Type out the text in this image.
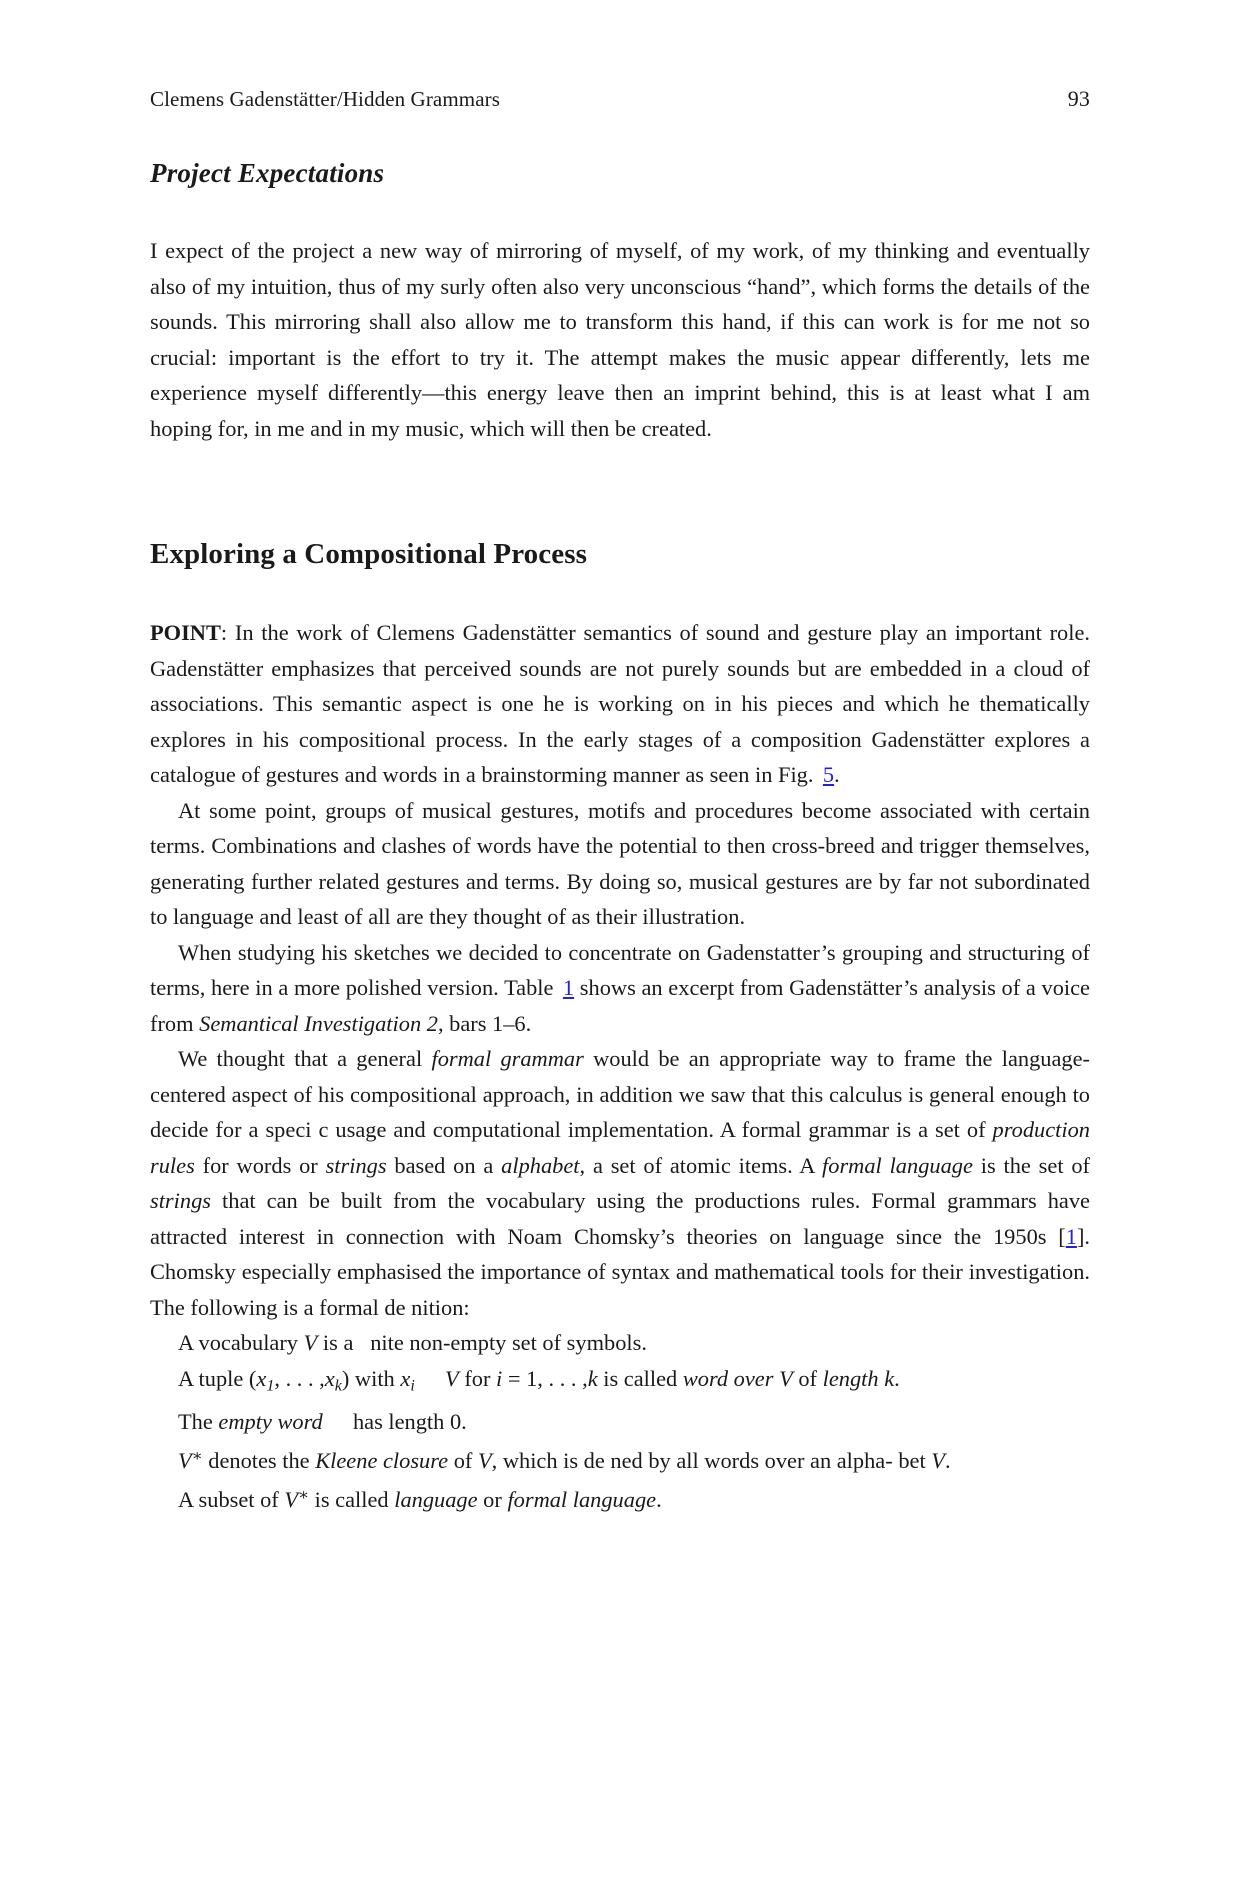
Clemens Gadenstätter/Hidden Grammars	93
Project Expectations

I expect of the project a new way of mirroring of myself, of my work, of my thinking and eventually also of my intuition, thus of my surly often also very unconscious “hand”, which forms the details of the sounds. This mirroring shall also allow me to transform this hand, if this can work is for me not so crucial: important is the effort to try it. The attempt makes the music appear differently, lets me experience myself differently—this energy leave then an imprint behind, this is at least what I am hoping for, in me and in my music, which will then be created.

Exploring a Compositional Process

POINT: In the work of Clemens Gadenstätter semantics of sound and gesture play an important role. Gadenstätter emphasizes that perceived sounds are not purely sounds but are embedded in a cloud of associations. This semantic aspect is one he is working on in his pieces and which he thematically explores in his compositional process. In the early stages of a composition Gadenstätter explores a catalogue of gestures and words in a brainstorming manner as seen in Fig. 5.

At some point, groups of musical gestures, motifs and procedures become associated with certain terms. Combinations and clashes of words have the potential to then cross-breed and trigger themselves, generating further related gestures and terms. By doing so, musical gestures are by far not subordinated to language and least of all are they thought of as their illustration.

When studying his sketches we decided to concentrate on Gadenstatter’s grouping and structuring of terms, here in a more polished version. Table 1 shows an excerpt from Gadenstätter’s analysis of a voice from Semantical Investigation 2, bars 1–6.

We thought that a general formal grammar would be an appropriate way to frame the language-centered aspect of his compositional approach, in addition we saw that this calculus is general enough to decide for a speci c usage and computational implementation. A formal grammar is a set of production rules for words or strings based on a alphabet, a set of atomic items. A formal language is the set of strings that can be built from the vocabulary using the productions rules. Formal grammars have attracted interest in connection with Noam Chomsky’s theories on language since the 1950s [1]. Chomsky especially emphasised the importance of syntax and mathematical tools for their investigation. The following is a formal de nition:

A vocabulary V is a nite non-empty set of symbols.

A tuple ($x_1$, . . . $,x_k$) with $x_i$ V for i = 1, . . . ,k is called word over V of length k.

The empty word has length 0.

V∗ denotes the Kleene closure of V, which is de ned by all words over an alpha- bet V.

A subset of V∗ is called language or formal language.
